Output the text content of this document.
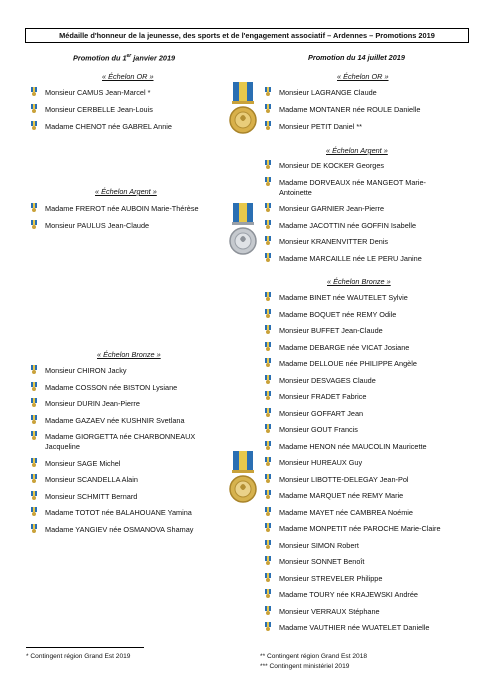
Médaille d'honneur de la jeunesse, des sports et de l'engagement associatif – Ardennes – Promotions 2019
Promotion du 1er janvier 2019
« Échelon OR »
Monsieur CAMUS Jean-Marcel *
Monsieur CERBELLE Jean-Louis
Madame CHENOT née GABREL Annie
« Échelon Argent »
Madame FREROT née AUBOIN Marie-Thérèse
Monsieur PAULUS Jean-Claude
« Échelon Bronze »
Monsieur CHIRON Jacky
Madame COSSON née BISTON Lysiane
Monsieur DURIN Jean-Pierre
Madame GAZAEV née KUSHNIR Svetlana
Madame GIORGETTA née CHARBONNEAUX Jacqueline
Monsieur SAGE Michel
Monsieur SCANDELLA Alain
Monsieur SCHMITT Bernard
Madame TOTOT née BALAHOUANE Yamina
Madame YANGIEV née OSMANOVA Shamay
Promotion du 14 juillet 2019
« Échelon OR »
Monsieur LAGRANGE Claude
Madame MONTANER née ROULE Danielle
Monsieur PETIT Daniel **
« Échelon Argent »
Monsieur DE KOCKER Georges
Madame DORVEAUX née MANGEOT Marie-Antoinette
Monsieur GARNIER Jean-Pierre
Madame JACOTTIN née GOFFIN Isabelle
Monsieur KRANENVITTER Denis
Madame MARCAILLE née LE PERU Janine
« Échelon Bronze »
Madame BINET née WAUTELET Sylvie
Madame BOQUET née REMY Odile
Monsieur BUFFET Jean-Claude
Madame DEBARGE née VICAT Josiane
Madame DELLOUE née PHILIPPE Angèle
Monsieur DESVAGES Claude
Monsieur FRADET Fabrice
Monsieur GOFFART Jean
Monsieur GOUT Francis
Madame HENON née MAUCOLIN Mauricette
Monsieur HUREAUX Guy
Monsieur LIBOTTE-DELEGAY Jean-Pol
Madame MARQUET née REMY Marie
Madame MAYET née CAMBREA Noémie
Madame MONPETIT née PAROCHE Marie-Claire
Monsieur SIMON Robert
Monsieur SONNET Benoît
Monsieur STREVELER Philippe
Madame TOURY née KRAJEWSKI Andrée
Monsieur VERRAUX Stéphane
Madame VAUTHIER née WUATELET Danielle
* Contingent région Grand Est 2019	** Contingent région Grand Est 2018
*** Contingent ministériel 2019
